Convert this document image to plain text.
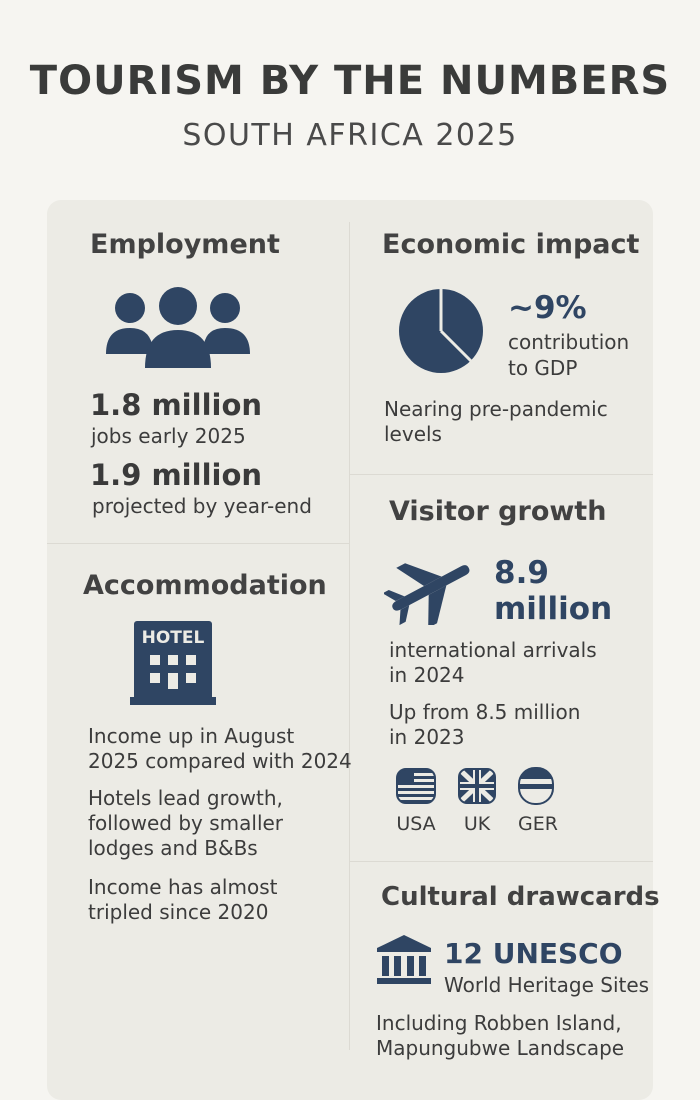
TOURISM BY THE NUMBERS
SOUTH AFRICA 2025
Employment
1.8 million
jobs early 2025
1.9 million
projected by year-end
Economic impact
~9%
contribution
to GDP
Nearing pre-pandemic
levels
Accommodation
HOTEL
Income up in August
2025 compared with 2024
Hotels lead growth,
followed by smaller
lodges and B&Bs
Income has almost
tripled since 2020
Visitor growth
8.9
million
international arrivals
in 2024
Up from 8.5 million
in 2023
USA	UK	GER
Cultural drawcards
12 UNESCO
World Heritage Sites
Including Robben Island,
Mapungubwe Landscape
